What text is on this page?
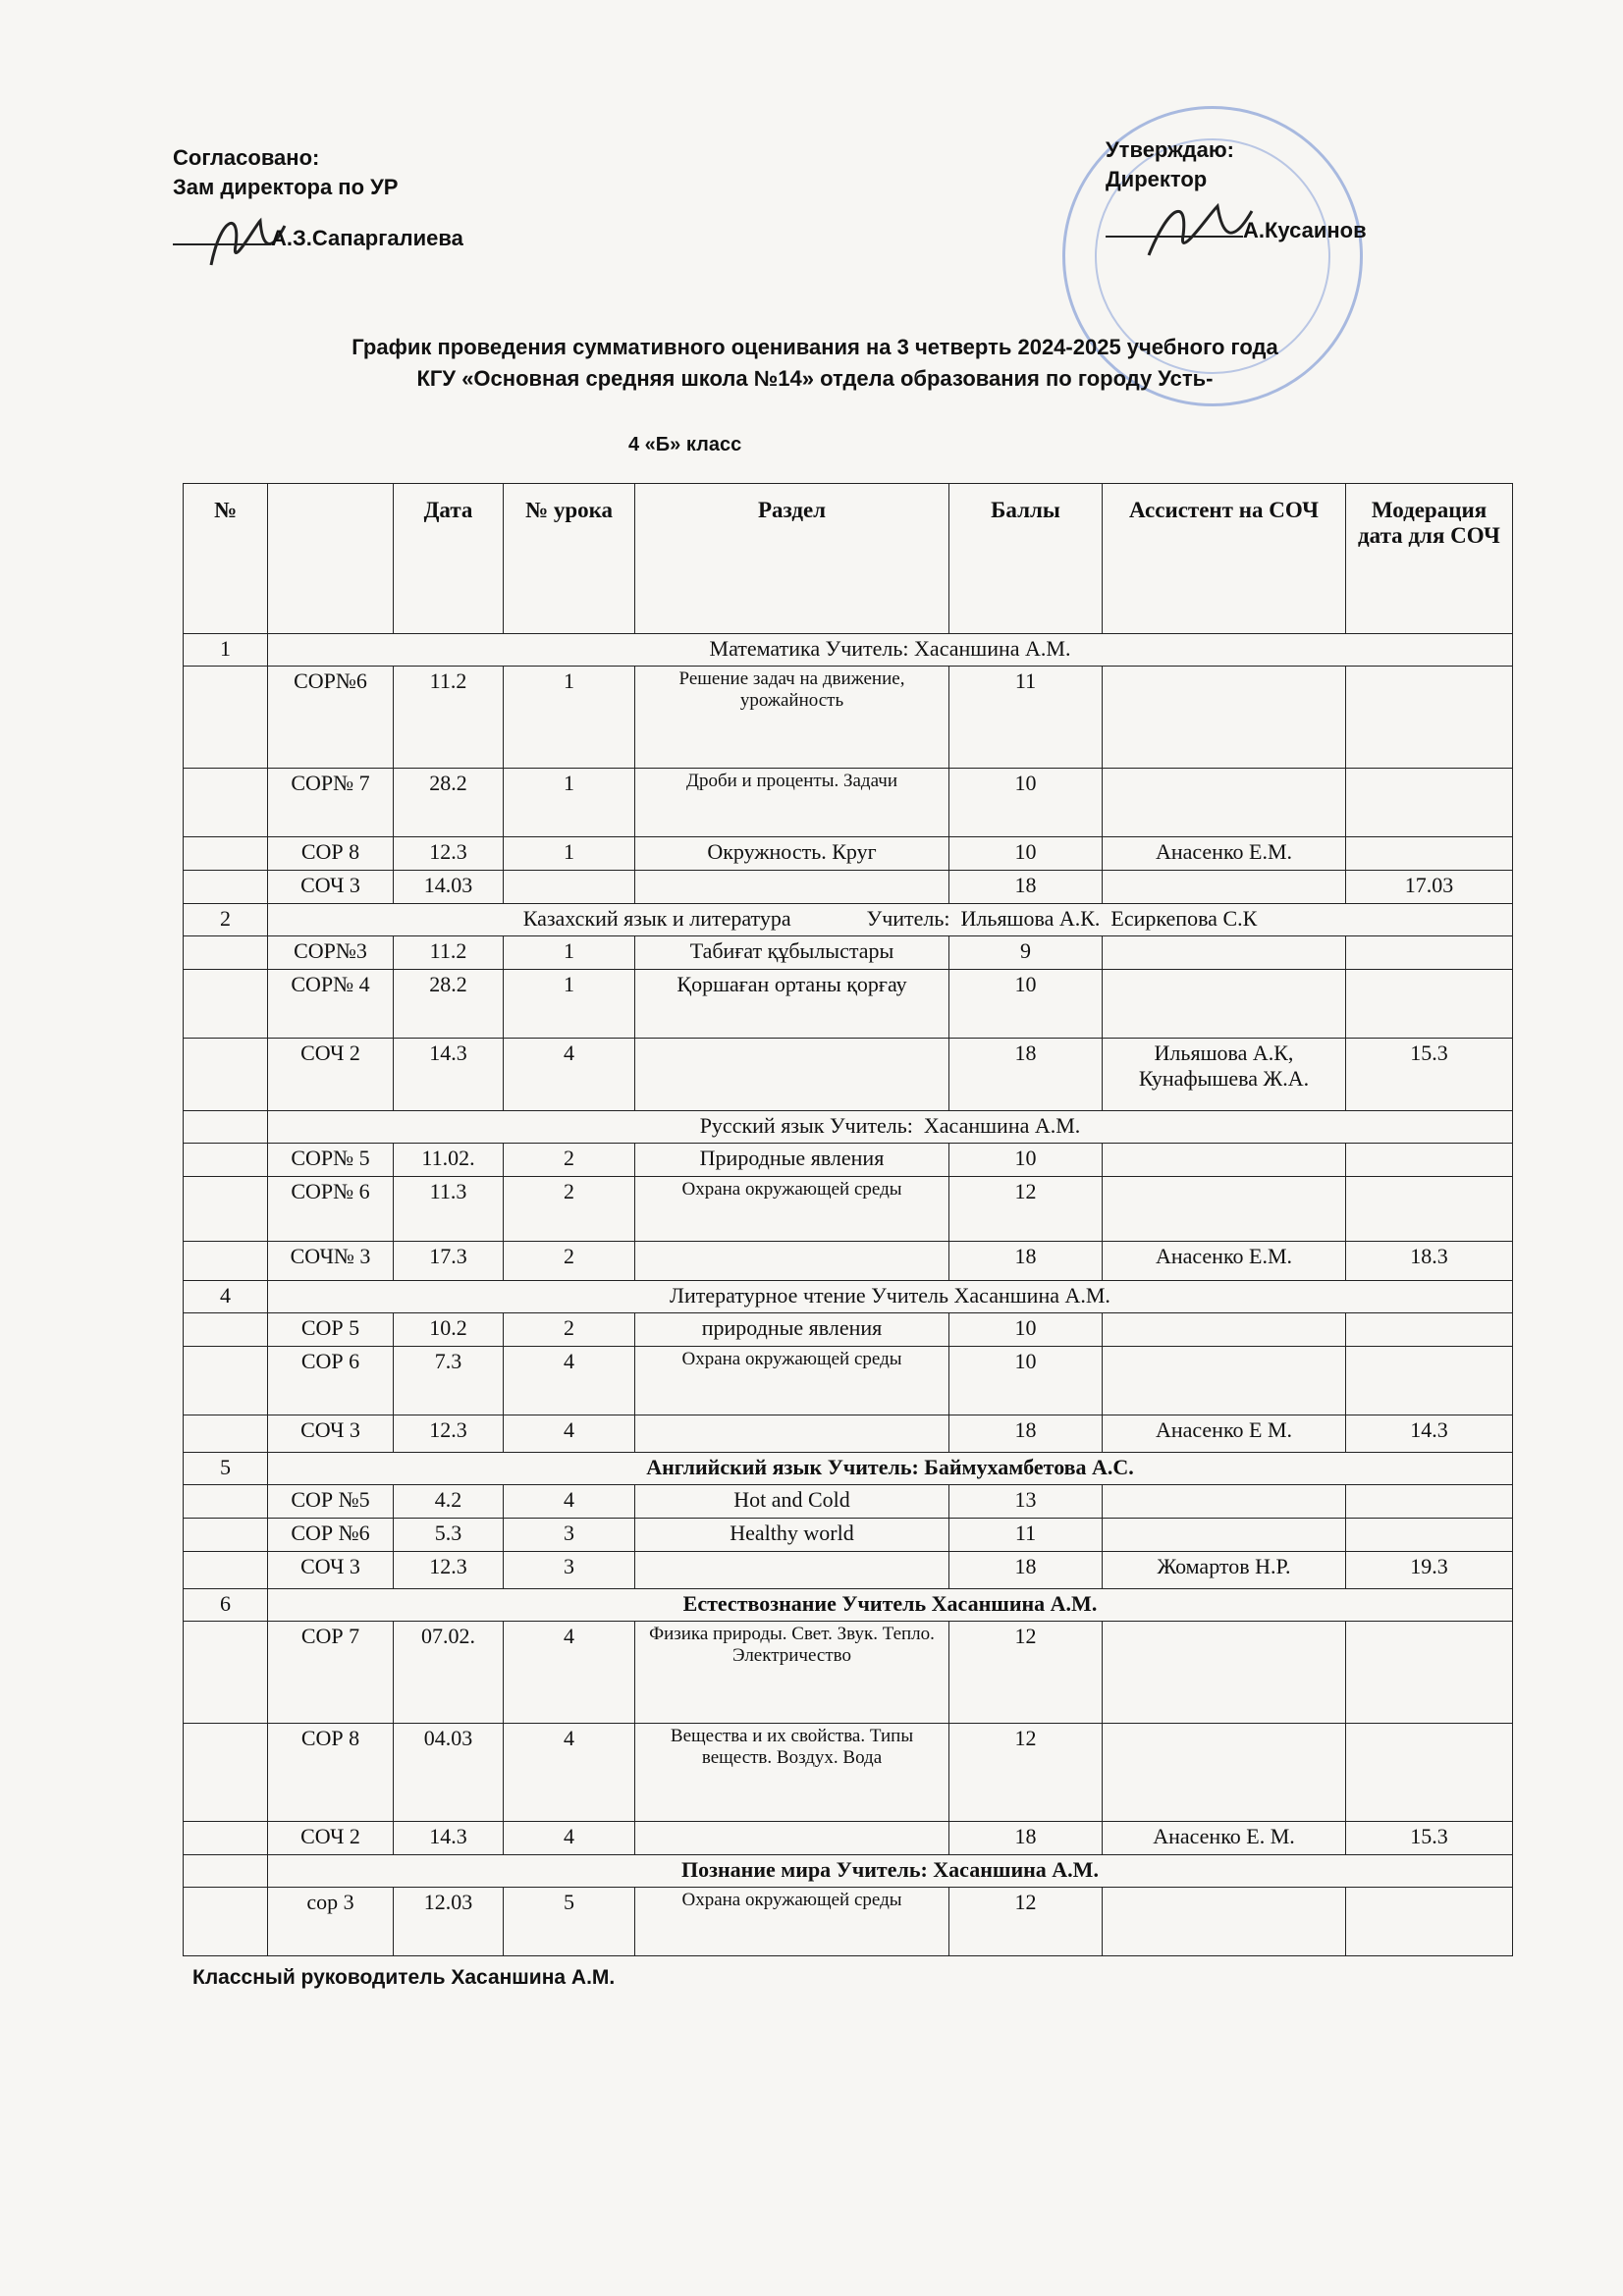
Согласовано:
Зам директора по УР
А.З.Сапаргалиева
Утверждаю:
Директор
А.Кусаинов
График проведения суммативного оценивания на 3 четверть 2024-2025 учебного года
КГУ «Основная средняя школа №14» отдела образования по городу Усть-
4 «Б» класс
№		Дата	№ урока	Раздел	Баллы	Ассистент на СОЧ	Модерация дата для СОЧ
1	Математика Учитель: Хасаншина А.М.						
	СОР№6	11.2	1	Решение задач на движение, урожайность	11		
	СОР№ 7	28.2	1	Дроби и проценты. Задачи	10		
	СОР 8	12.3	1	Окружность. Круг	10	Анасенко Е.М.	
	СОЧ 3	14.03			18		17.03
2	Казахский язык и литература              Учитель:  Ильяшова А.К.  Есиркепова С.К						
	СОР№3	11.2	1	Табиғат құбылыстары	9		
	СОР№ 4	28.2	1	Қоршаған ортаны қорғау	10		
	СОЧ 2	14.3	4		18	Ильяшова А.К, Кунафышева Ж.А.	15.3
	Русский язык Учитель:  Хасаншина А.М.						
	СОР№ 5	11.02.	2	Природные явления	10		
	СОР№ 6	11.3	2	Охрана окружающей среды	12		
	СОЧ№ 3	17.3	2		18	Анасенко Е.М.	18.3
4	Литературное чтение Учитель Хасаншина А.М.						
	СОР 5	10.2	2	природные явления	10		
	СОР 6	7.3	4	Охрана окружающей среды	10		
	СОЧ 3	12.3	4		18	Анасенко Е М.	14.3
5	Английский язык Учитель: Баймухамбетова А.С.						
	СОР №5	4.2	4	Hot and Cold	13		
	СОР №6	5.3	3	Healthy world	11		
	СОЧ 3	12.3	3		18	Жомартов Н.Р.	19.3
6	Естествознание Учитель Хасаншина А.М.						
	СОР 7	07.02.	4	Физика природы. Свет. Звук. Тепло. Электричество	12		
	СОР 8	04.03	4	Вещества и их свойства. Типы веществ. Воздух. Вода	12		
	СОЧ 2	14.3	4		18	Анасенко Е. М.	15.3
	Познание мира Учитель: Хасаншина А.М.						
	сор 3	12.03	5	Охрана окружающей среды	12		
Классный руководитель Хасаншина А.М.
